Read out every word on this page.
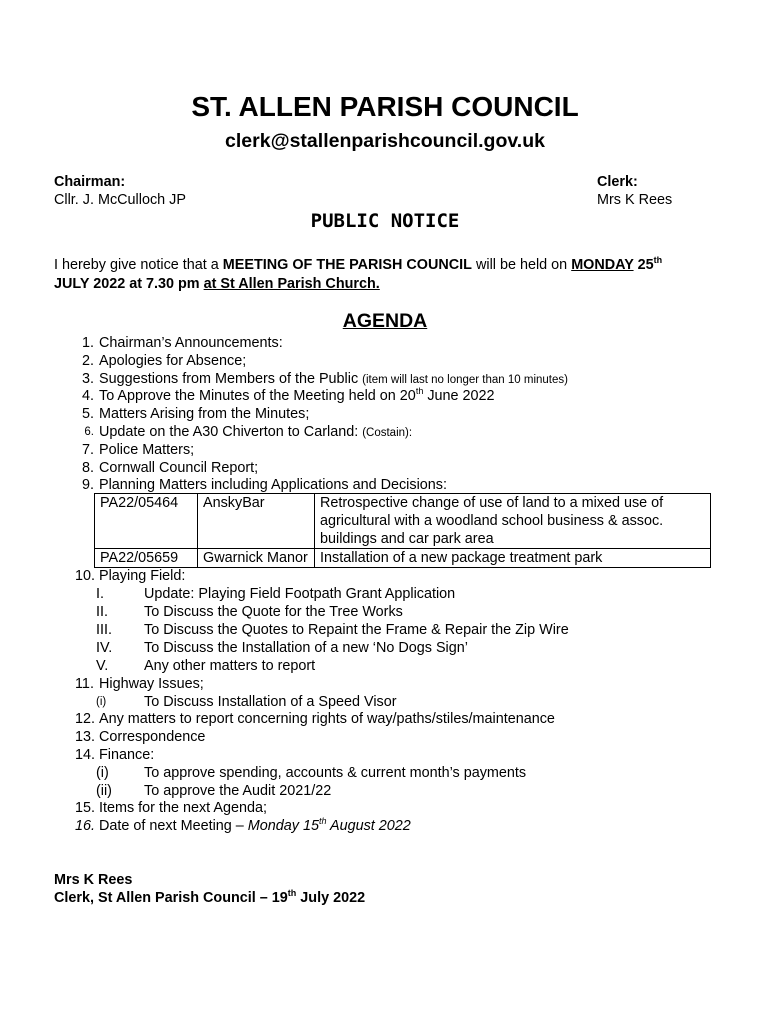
ST. ALLEN PARISH COUNCIL
clerk@stallenparishcouncil.gov.uk
Chairman:
Cllr. J. McCulloch JP
Clerk:
Mrs K Rees
PUBLIC NOTICE
I hereby give notice that a MEETING OF THE PARISH COUNCIL will be held on MONDAY 25th
JULY 2022 at 7.30 pm at St Allen Parish Church.
AGENDA
1. Chairman’s Announcements:
2. Apologies for Absence;
3. Suggestions from Members of the Public (item will last no longer than 10 minutes)
4. To Approve the Minutes of the Meeting held on 20th June 2022
5. Matters Arising from the Minutes;
6. Update on the A30 Chiverton to Carland: (Costain):
7. Police Matters;
8. Cornwall Council Report;
9. Planning Matters including Applications and Decisions:
PA22/05464	AnskyBar	Retrospective change of use of land to a mixed use of agricultural with a woodland school business & assoc. buildings and car park area
PA22/05659	Gwarnick Manor	Installation of a new package treatment park
10. Playing Field:
I.	Update: Playing Field Footpath Grant Application
II.	To Discuss the Quote for the Tree Works
III. To Discuss the Quotes to Repaint the Frame & Repair the Zip Wire
IV. To Discuss the Installation of a new ‘No Dogs Sign’
V. Any other matters to report
11. Highway Issues;
(i)	To Discuss Installation of a Speed Visor
12. Any matters to report concerning rights of way/paths/stiles/maintenance
13. Correspondence
14. Finance:
(i) To approve spending, accounts & current month’s payments
(ii) To approve the Audit 2021/22
15. Items for the next Agenda;
16. Date of next Meeting – Monday 15th August 2022
Mrs K Rees
Clerk, St Allen Parish Council – 19th July 2022
